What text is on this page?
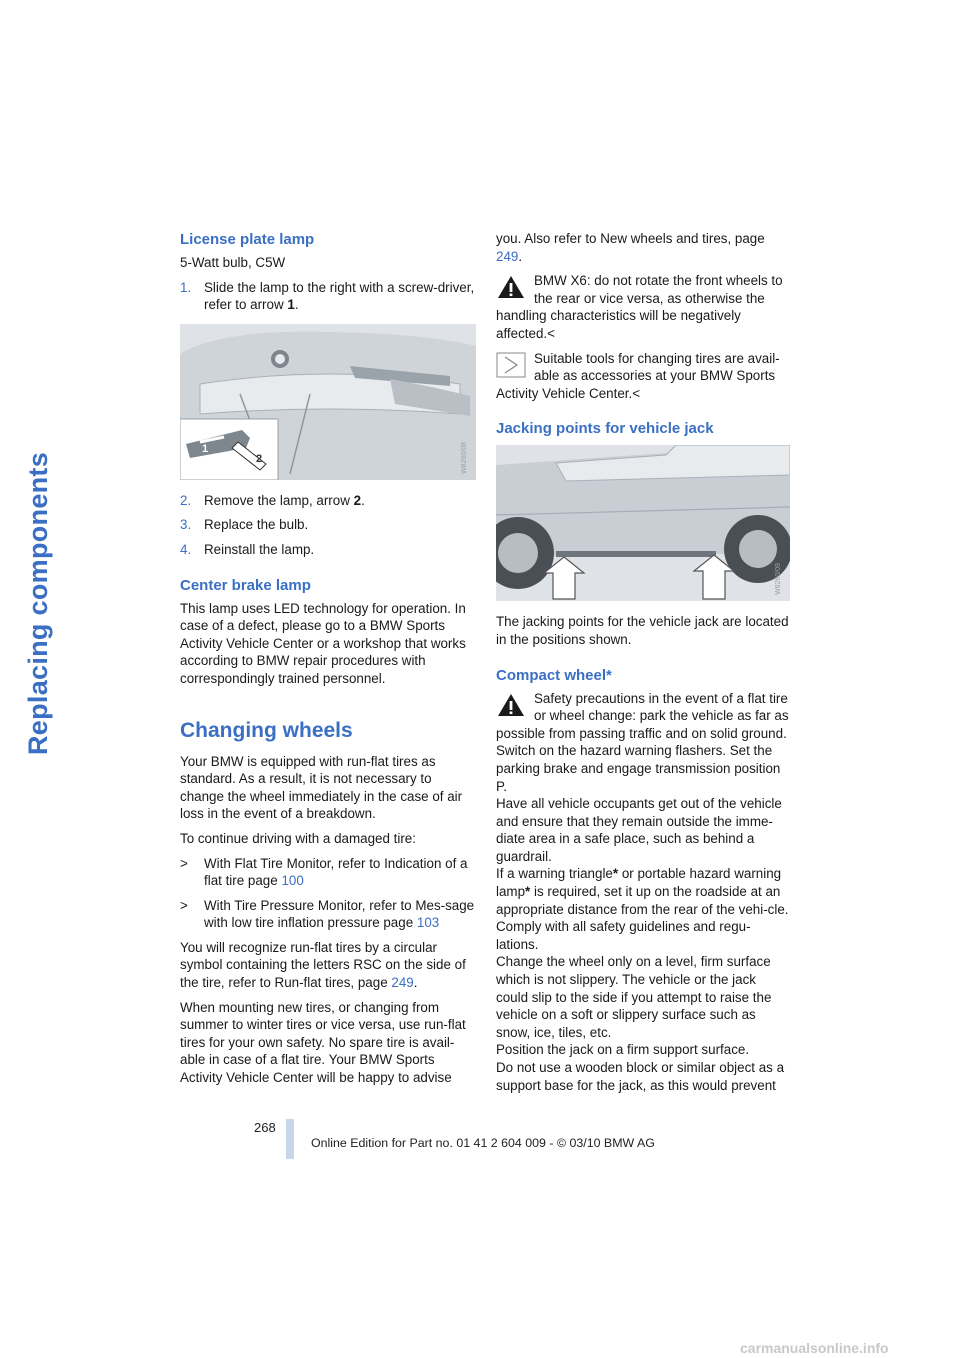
Replacing components
License plate lamp

5-Watt bulb, C5W

1. Slide the lamp to the right with a screw-driver, refer to arrow 1.
1
2	W8260/08
2. Remove the lamp, arrow 2.
3. Replace the bulb.
4. Reinstall the lamp.
Center brake lamp

This lamp uses LED technology for operation. In case of a defect, please go to a BMW Sports Activity Vehicle Center or a workshop that works according to BMW repair procedures with correspondingly trained personnel.

Changing wheels

Your BMW is equipped with run-flat tires as standard. As a result, it is not necessary to change the wheel immediately in the case of air loss in the event of a breakdown.

To continue driving with a damaged tire:

>	With Flat Tire Monitor, refer to Indication of a flat tire page 100
>	With Tire Pressure Monitor, refer to Mes-sage with low tire inflation pressure page 103

You will recognize run-flat tires by a circular symbol containing the letters RSC on the side of the tire, refer to Run-flat tires, page 249.

When mounting new tires, or changing from summer to winter tires or vice versa, use run-flat tires for your own safety. No spare tire is avail-able in case of a flat tire. Your BMW Sports Activity Vehicle Center will be happy to advise

you. Also refer to New wheels and tires, page 249.

BMW X6: do not rotate the front wheels to the rear or vice versa, as otherwise the handling characteristics will be negatively affected.<
Suitable tools for changing tires are avail-able as accessories at your BMW Sports Activity Vehicle Center.<
Jacking points for vehicle jack
W8260/09

The jacking points for the vehicle jack are located in the positions shown.

Compact wheel*
Safety precautions in the event of a flat tire or wheel change: park the vehicle as far as possible from passing traffic and on solid ground. Switch on the hazard warning flashers. Set the parking brake and engage transmission position P.
Have all vehicle occupants get out of the vehicle and ensure that they remain outside the imme-diate area in a safe place, such as behind a guardrail.
If a warning triangle* or portable hazard warning lamp* is required, set it up on the roadside at an appropriate distance from the rear of the vehi-cle. Comply with all safety guidelines and regu-lations.
Change the wheel only on a level, firm surface which is not slippery. The vehicle or the jack could slip to the side if you attempt to raise the vehicle on a soft or slippery surface such as snow, ice, tiles, etc.
Position the jack on a firm support surface.
Do not use a wooden block or similar object as a support base for the jack, as this would prevent
268
Online Edition for Part no. 01 41 2 604 009 - © 03/10 BMW AG
carmanualsonline.info
